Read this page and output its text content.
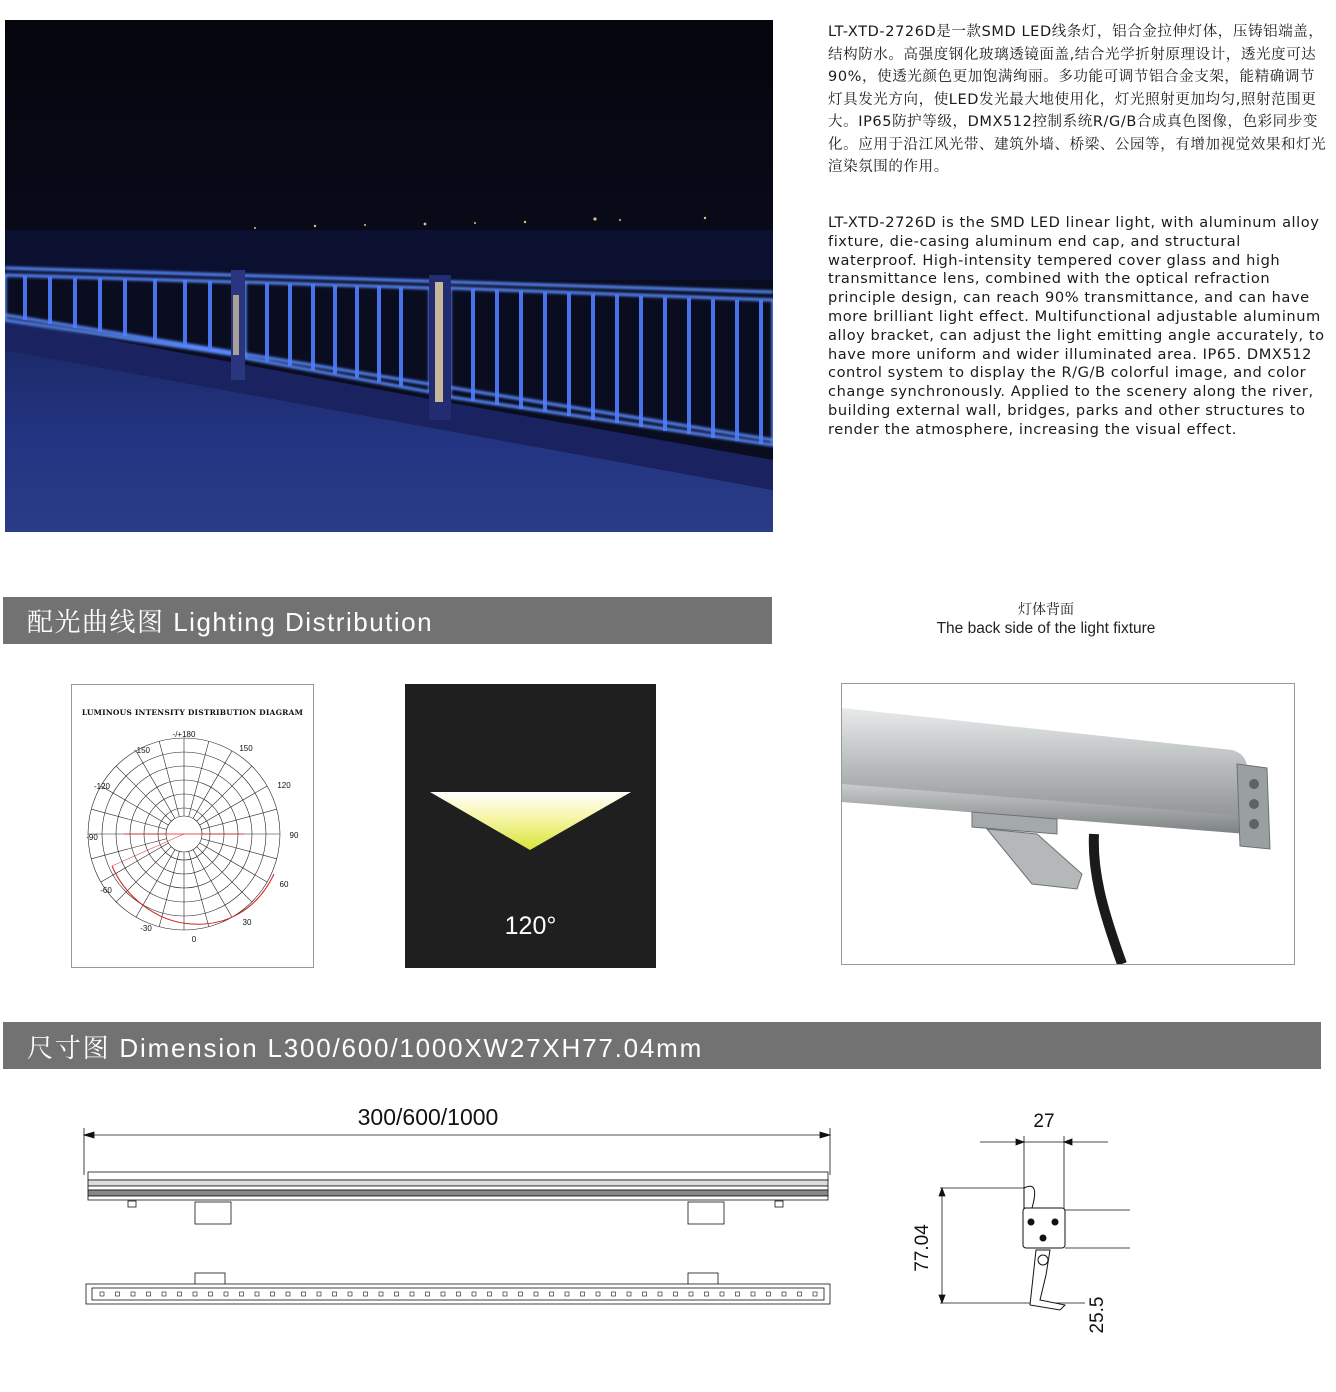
LT-XTD-2726D是一款SMD LED线条灯，铝合金拉伸灯体，压铸铝端盖，结构防水。高强度钢化玻璃透镜面盖,结合光学折射原理设计，透光度可达90%，使透光颜色更加饱满绚丽。多功能可调节铝合金支架，能精确调节灯具发光方向，使LED发光最大地使用化，灯光照射更加均匀,照射范围更大。IP65防护等级，DMX512控制系统R/G/B合成真色图像，色彩同步变化。应用于沿江风光带、建筑外墙、桥梁、公园等，有增加视觉效果和灯光渲染氛围的作用。
LT-XTD-2726D is the SMD LED linear light, with aluminum alloy fixture, die-casing aluminum end cap, and structural waterproof. High-intensity tempered cover glass and high transmittance lens, combined with the optical refraction principle design, can reach 90% transmittance, and can have more brilliant light effect. Multifunctional adjustable aluminum alloy bracket, can adjust the light emitting angle accurately, to have more uniform and wider illuminated area. IP65. DMX512 control system to display the R/G/B colorful image, and color change synchronously. Applied to the scenery along the river, building external wall, bridges, parks and other structures to render the atmosphere, increasing the visual effect.
配光曲线图 Lighting Distribution	灯体背面
The back side of the light fixture
LUMINOUS INTENSITY DISTRIBUTION DIAGRAM
-/+180
-150	150
-120	120
-90	90
-60
60
-30
30
0	120°
尺寸图 Dimension L300/600/1000XW27XH77.04mm
300/600/1000	27
77.04
25.5
